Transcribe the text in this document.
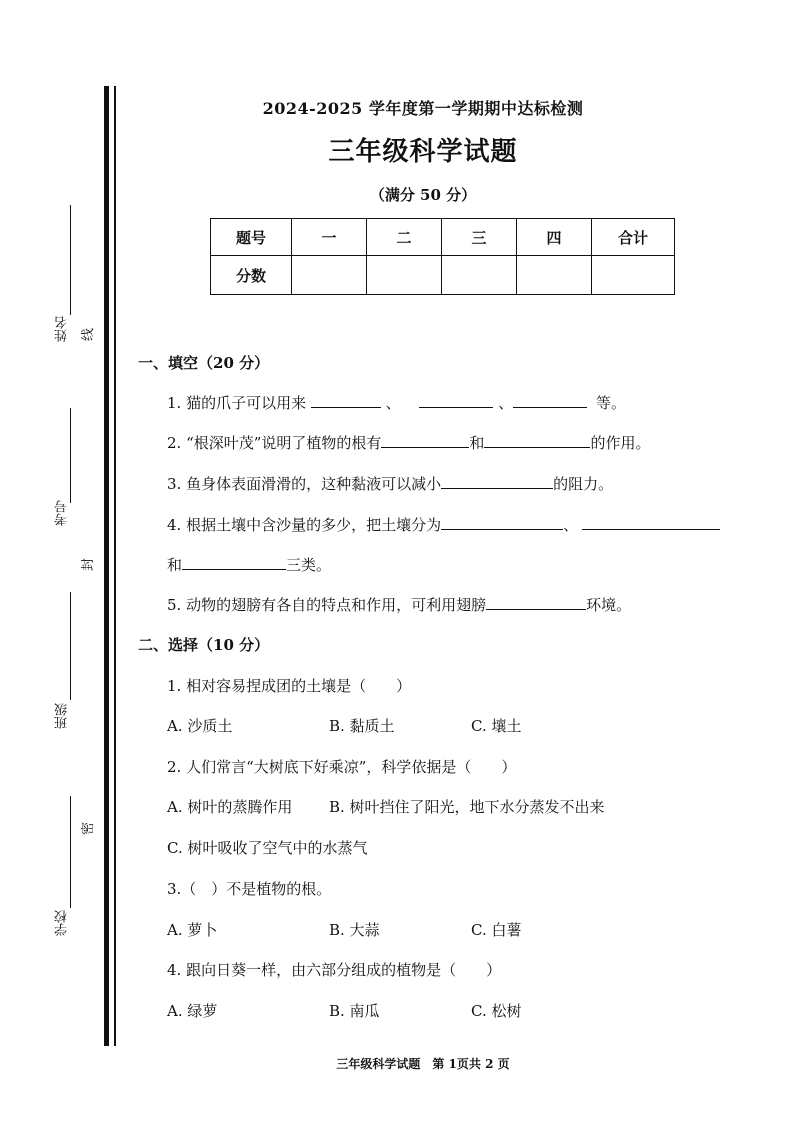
姓名
考号
班级
学校
线
封
密
2024-2025 学年度第一学期期中达标检测
三年级科学试题
（满分 50 分）
题号	一	二	三	四	合计
分数					
一、填空（20 分）
1. 猫的爪子可以用来	、	、	等。
2. “根深叶茂”说明了植物的根有	和	的作用。
3. 鱼身体表面滑滑的，这种黏液可以减小	的阻力。
4. 根据土壤中含沙量的多少，把土壤分为	、
和	三类。
5. 动物的翅膀有各自的特点和作用，可利用翅膀	环境。
二、选择（10 分）
1. 相对容易捏成团的土壤是（　　）
A. 沙质土	B. 黏质土	C. 壤土
2. 人们常言“大树底下好乘凉”，科学依据是（　　）
A. 树叶的蒸腾作用 B. 树叶挡住了阳光，地下水分蒸发不出来
C. 树叶吸收了空气中的水蒸气
3.（　）不是植物的根。
A. 萝卜	B. 大蒜	C. 白薯
4. 跟向日葵一样，由六部分组成的植物是（　　）
A. 绿萝	B. 南瓜	C. 松树
三年级科学试题　第 1页共 2 页
